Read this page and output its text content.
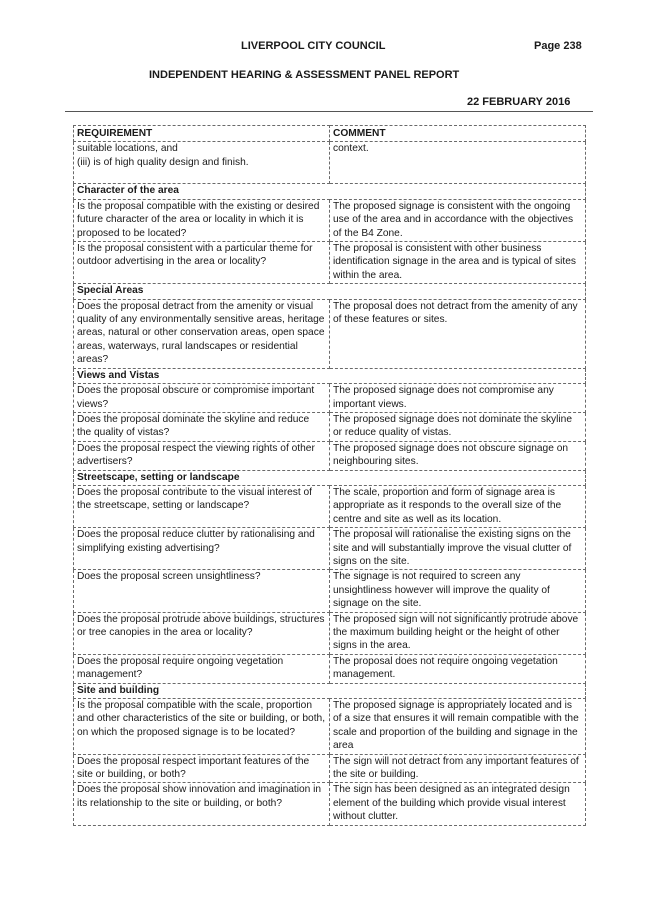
LIVERPOOL CITY COUNCIL	Page 238
INDEPENDENT HEARING & ASSESSMENT PANEL REPORT
22 FEBRUARY 2016
REQUIREMENT	COMMENT
suitable locations, and
(iii) is of high quality design and finish.	context.
Character of the area	
Is the proposal compatible with the existing or desired future character of the area or locality in which it is proposed to be located?	The proposed signage is consistent with the ongoing use of the area and in accordance with the objectives of the B4 Zone.
Is the proposal consistent with a particular theme for outdoor advertising in the area or locality?	The proposal is consistent with other business identification signage in the area and is typical of sites within the area.
Special Areas	
Does the proposal detract from the amenity or visual quality of any environmentally sensitive areas, heritage areas, natural or other conservation areas, open space areas, waterways, rural landscapes or residential areas?	The proposal does not detract from the amenity of any of these features or sites.
Views and Vistas	
Does the proposal obscure or compromise important views?	The proposed signage does not compromise any important views.
Does the proposal dominate the skyline and reduce the quality of vistas?	The proposed signage does not dominate the skyline or reduce quality of vistas.
Does the proposal respect the viewing rights of other advertisers?	The proposed signage does not obscure signage on neighbouring sites.
Streetscape, setting or landscape	
Does the proposal contribute to the visual interest of the streetscape, setting or landscape?	The scale, proportion and form of signage area is appropriate as it responds to the overall size of the centre and site as well as its location.
Does the proposal reduce clutter by rationalising and simplifying existing advertising?	The proposal will rationalise the existing signs on the site and will substantially improve the visual clutter of signs on the site.
Does the proposal screen unsightliness?	The signage is not required to screen any unsightliness however will improve the quality of signage on the site.
Does the proposal protrude above buildings, structures or tree canopies in the area or locality?	The proposed sign will not significantly protrude above the maximum building height or the height of other signs in the area.
Does the proposal require ongoing vegetation management?	The proposal does not require ongoing vegetation management.
Site and building	
Is the proposal compatible with the scale, proportion and other characteristics of the site or building, or both, on which the proposed signage is to be located?	The proposed signage is appropriately located and is of a size that ensures it will remain compatible with the scale and proportion of the building and signage in the area
Does the proposal respect important features of the site or building, or both?	The sign will not detract from any important features of the site or building.
Does the proposal show innovation and imagination in its relationship to the site or building, or both?	The sign has been designed as an integrated design element of the building which provide visual interest without clutter.
